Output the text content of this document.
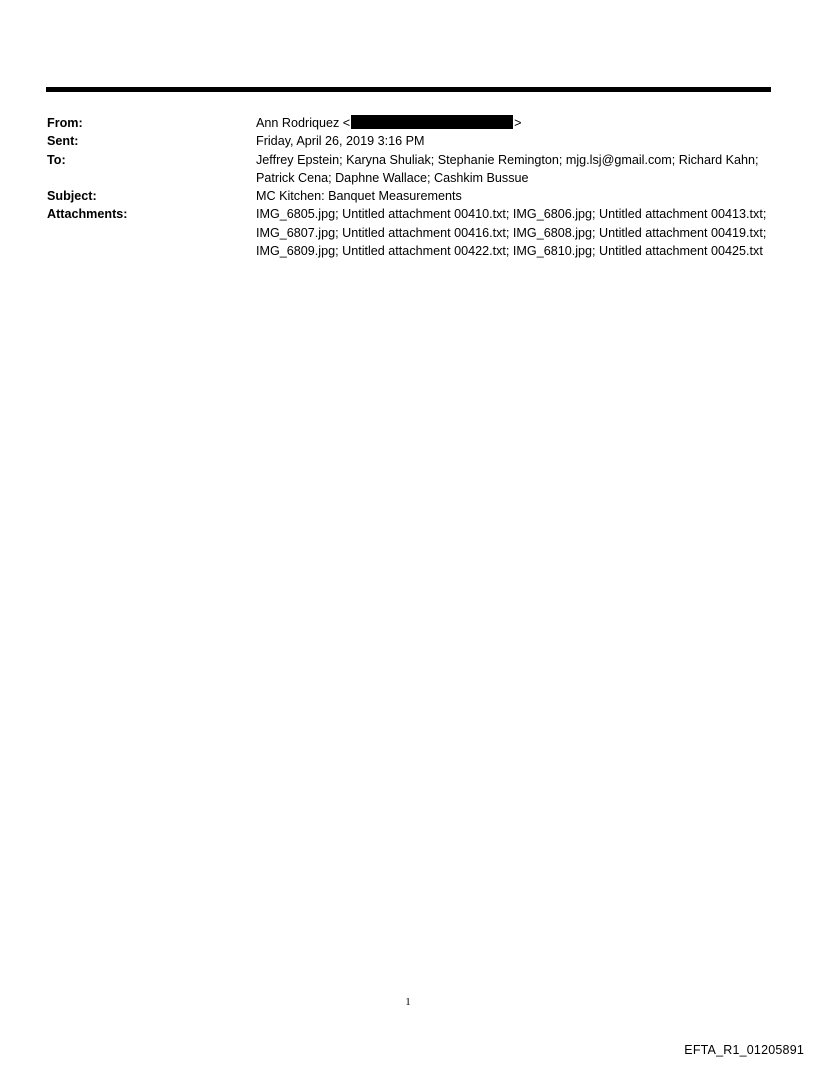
From:	Ann Rodriquez <	>
Sent:	Friday, April 26, 2019 3:16 PM
To:	Jeffrey Epstein; Karyna Shuliak; Stephanie Remington; mjg.lsj@gmail.com; Richard Kahn; Patrick Cena; Daphne Wallace; Cashkim Bussue
Subject:	MC Kitchen: Banquet Measurements
Attachments:	IMG_6805.jpg; Untitled attachment 00410.txt; IMG_6806.jpg; Untitled attachment 00413.txt; IMG_6807.jpg; Untitled attachment 00416.txt; IMG_6808.jpg; Untitled attachment 00419.txt; IMG_6809.jpg; Untitled attachment 00422.txt; IMG_6810.jpg; Untitled attachment 00425.txt
1
EFTA_R1_01205891
